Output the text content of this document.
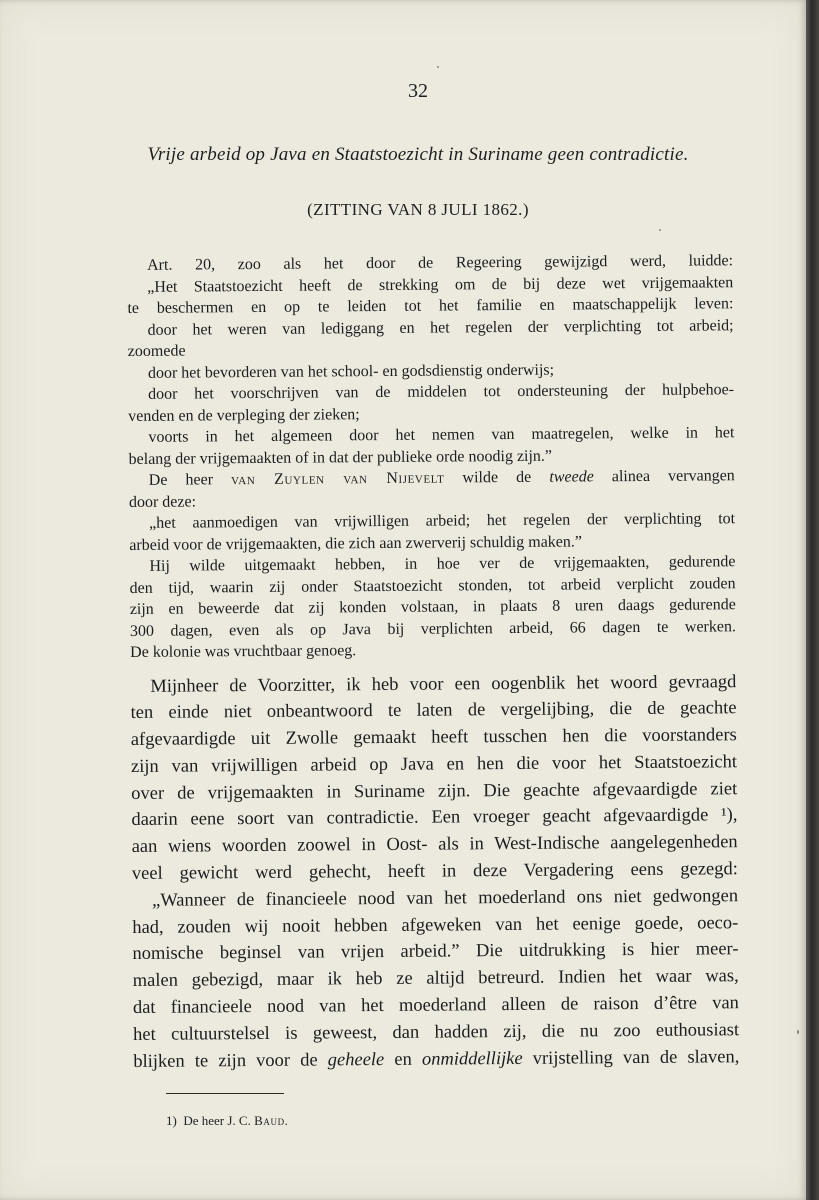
32
Vrije arbeid op Java en Staatstoezicht in Suriname geen contradictie.
(ZITTING VAN 8 JULI 1862.)
Art. 20, zoo als het door de Regeering gewijzigd werd, luidde:
„Het Staatstoezicht heeft de strekking om de bij deze wet vrijgemaakten
te beschermen en op te leiden tot het familie en maatschappelijk leven:
door het weren van lediggang en het regelen der verplichting tot arbeid;
zoomede
door het bevorderen van het school- en godsdienstig onderwijs;
door het voorschrijven van de middelen tot ondersteuning der hulpbehoe-
venden en de verpleging der zieken;
voorts in het algemeen door het nemen van maatregelen, welke in het
belang der vrijgemaakten of in dat der publieke orde noodig zijn.”
De heer van Zuylen van Nijevelt wilde de tweede alinea vervangen
door deze:
„het aanmoedigen van vrijwilligen arbeid; het regelen der verplichting tot
arbeid voor de vrijgemaakten, die zich aan zwerverij schuldig maken.”
Hij wilde uitgemaakt hebben, in hoe ver de vrijgemaakten, gedurende
den tijd, waarin zij onder Staatstoezicht stonden, tot arbeid verplicht zouden
zijn en beweerde dat zij konden volstaan, in plaats 8 uren daags gedurende
300 dagen, even als op Java bij verplichten arbeid, 66 dagen te werken.
De kolonie was vruchtbaar genoeg.
Mijnheer de Voorzitter, ik heb voor een oogenblik het woord gevraagd
ten einde niet onbeantwoord te laten de vergelijbing, die de geachte
afgevaardigde uit Zwolle gemaakt heeft tusschen hen die voorstanders
zijn van vrijwilligen arbeid op Java en hen die voor het Staatstoezicht
over de vrijgemaakten in Suriname zijn. Die geachte afgevaardigde ziet
daarin eene soort van contradictie. Een vroeger geacht afgevaardigde ¹),
aan wiens woorden zoowel in Oost- als in West-Indische aangelegenheden
veel gewicht werd gehecht, heeft in deze Vergadering eens gezegd:
„Wanneer de financieele nood van het moederland ons niet gedwongen
had, zouden wij nooit hebben afgeweken van het eenige goede, oeco-
nomische beginsel van vrijen arbeid.” Die uitdrukking is hier meer-
malen gebezigd, maar ik heb ze altijd betreurd. Indien het waar was,
dat financieele nood van het moederland alleen de raison d’être van
het cultuurstelsel is geweest, dan hadden zij, die nu zoo euthousiast
blijken te zijn voor de geheele en onmiddellijke vrijstelling van de slaven,
1) De heer J. C. Baud.
